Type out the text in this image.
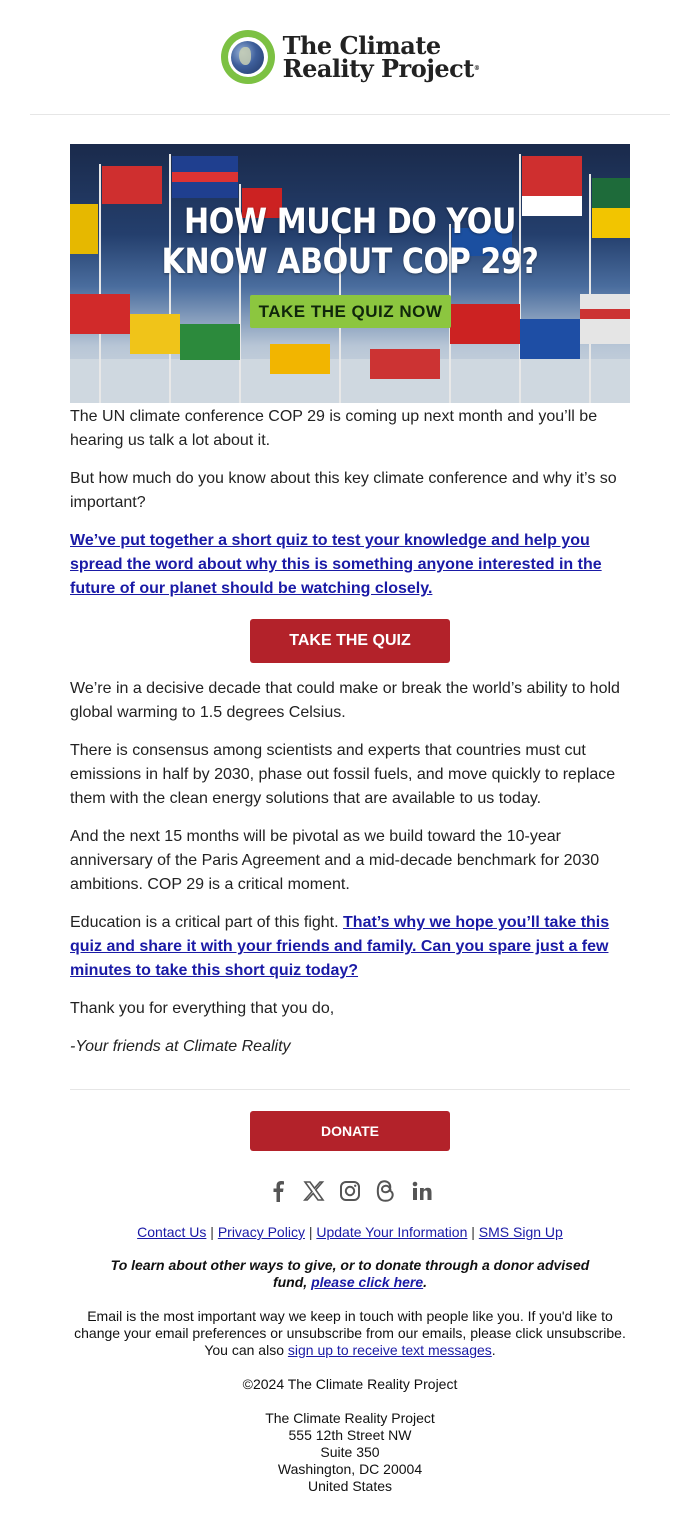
The Climate
Reality Project®
HOW MUCH DO YOU
KNOW ABOUT COP 29?
TAKE THE QUIZ NOW

The UN climate conference COP 29 is coming up next month and you’ll be hearing us talk a lot about it.

But how much do you know about this key climate conference and why it’s so important?

We’ve put together a short quiz to test your knowledge and help you spread the word about why this is something anyone interested in the future of our planet should be watching closely.

TAKE THE QUIZ

We’re in a decisive decade that could make or break the world’s ability to hold global warming to 1.5 degrees Celsius.

There is consensus among scientists and experts that countries must cut emissions in half by 2030, phase out fossil fuels, and move quickly to replace them with the clean energy solutions that are available to us today.

And the next 15 months will be pivotal as we build toward the 10-year anniversary of the Paris Agreement and a mid-decade benchmark for 2030 ambitions. COP 29 is a critical moment.

Education is a critical part of this fight. That’s why we hope you’ll take this quiz and share it with your friends and family. Can you spare just a few minutes to take this short quiz today?

Thank you for everything that you do,

-Your friends at Climate Reality

DONATE
Contact Us | Privacy Policy | Update Your Information | SMS Sign Up
To learn about other ways to give, or to donate through a donor advised fund, please click here.
Email is the most important way we keep in touch with people like you. If you'd like to change your email preferences or unsubscribe from our emails, please click unsubscribe. You can also sign up to receive text messages.
©2024 The Climate Reality Project
The Climate Reality Project
555 12th Street NW
Suite 350
Washington, DC 20004
United States
